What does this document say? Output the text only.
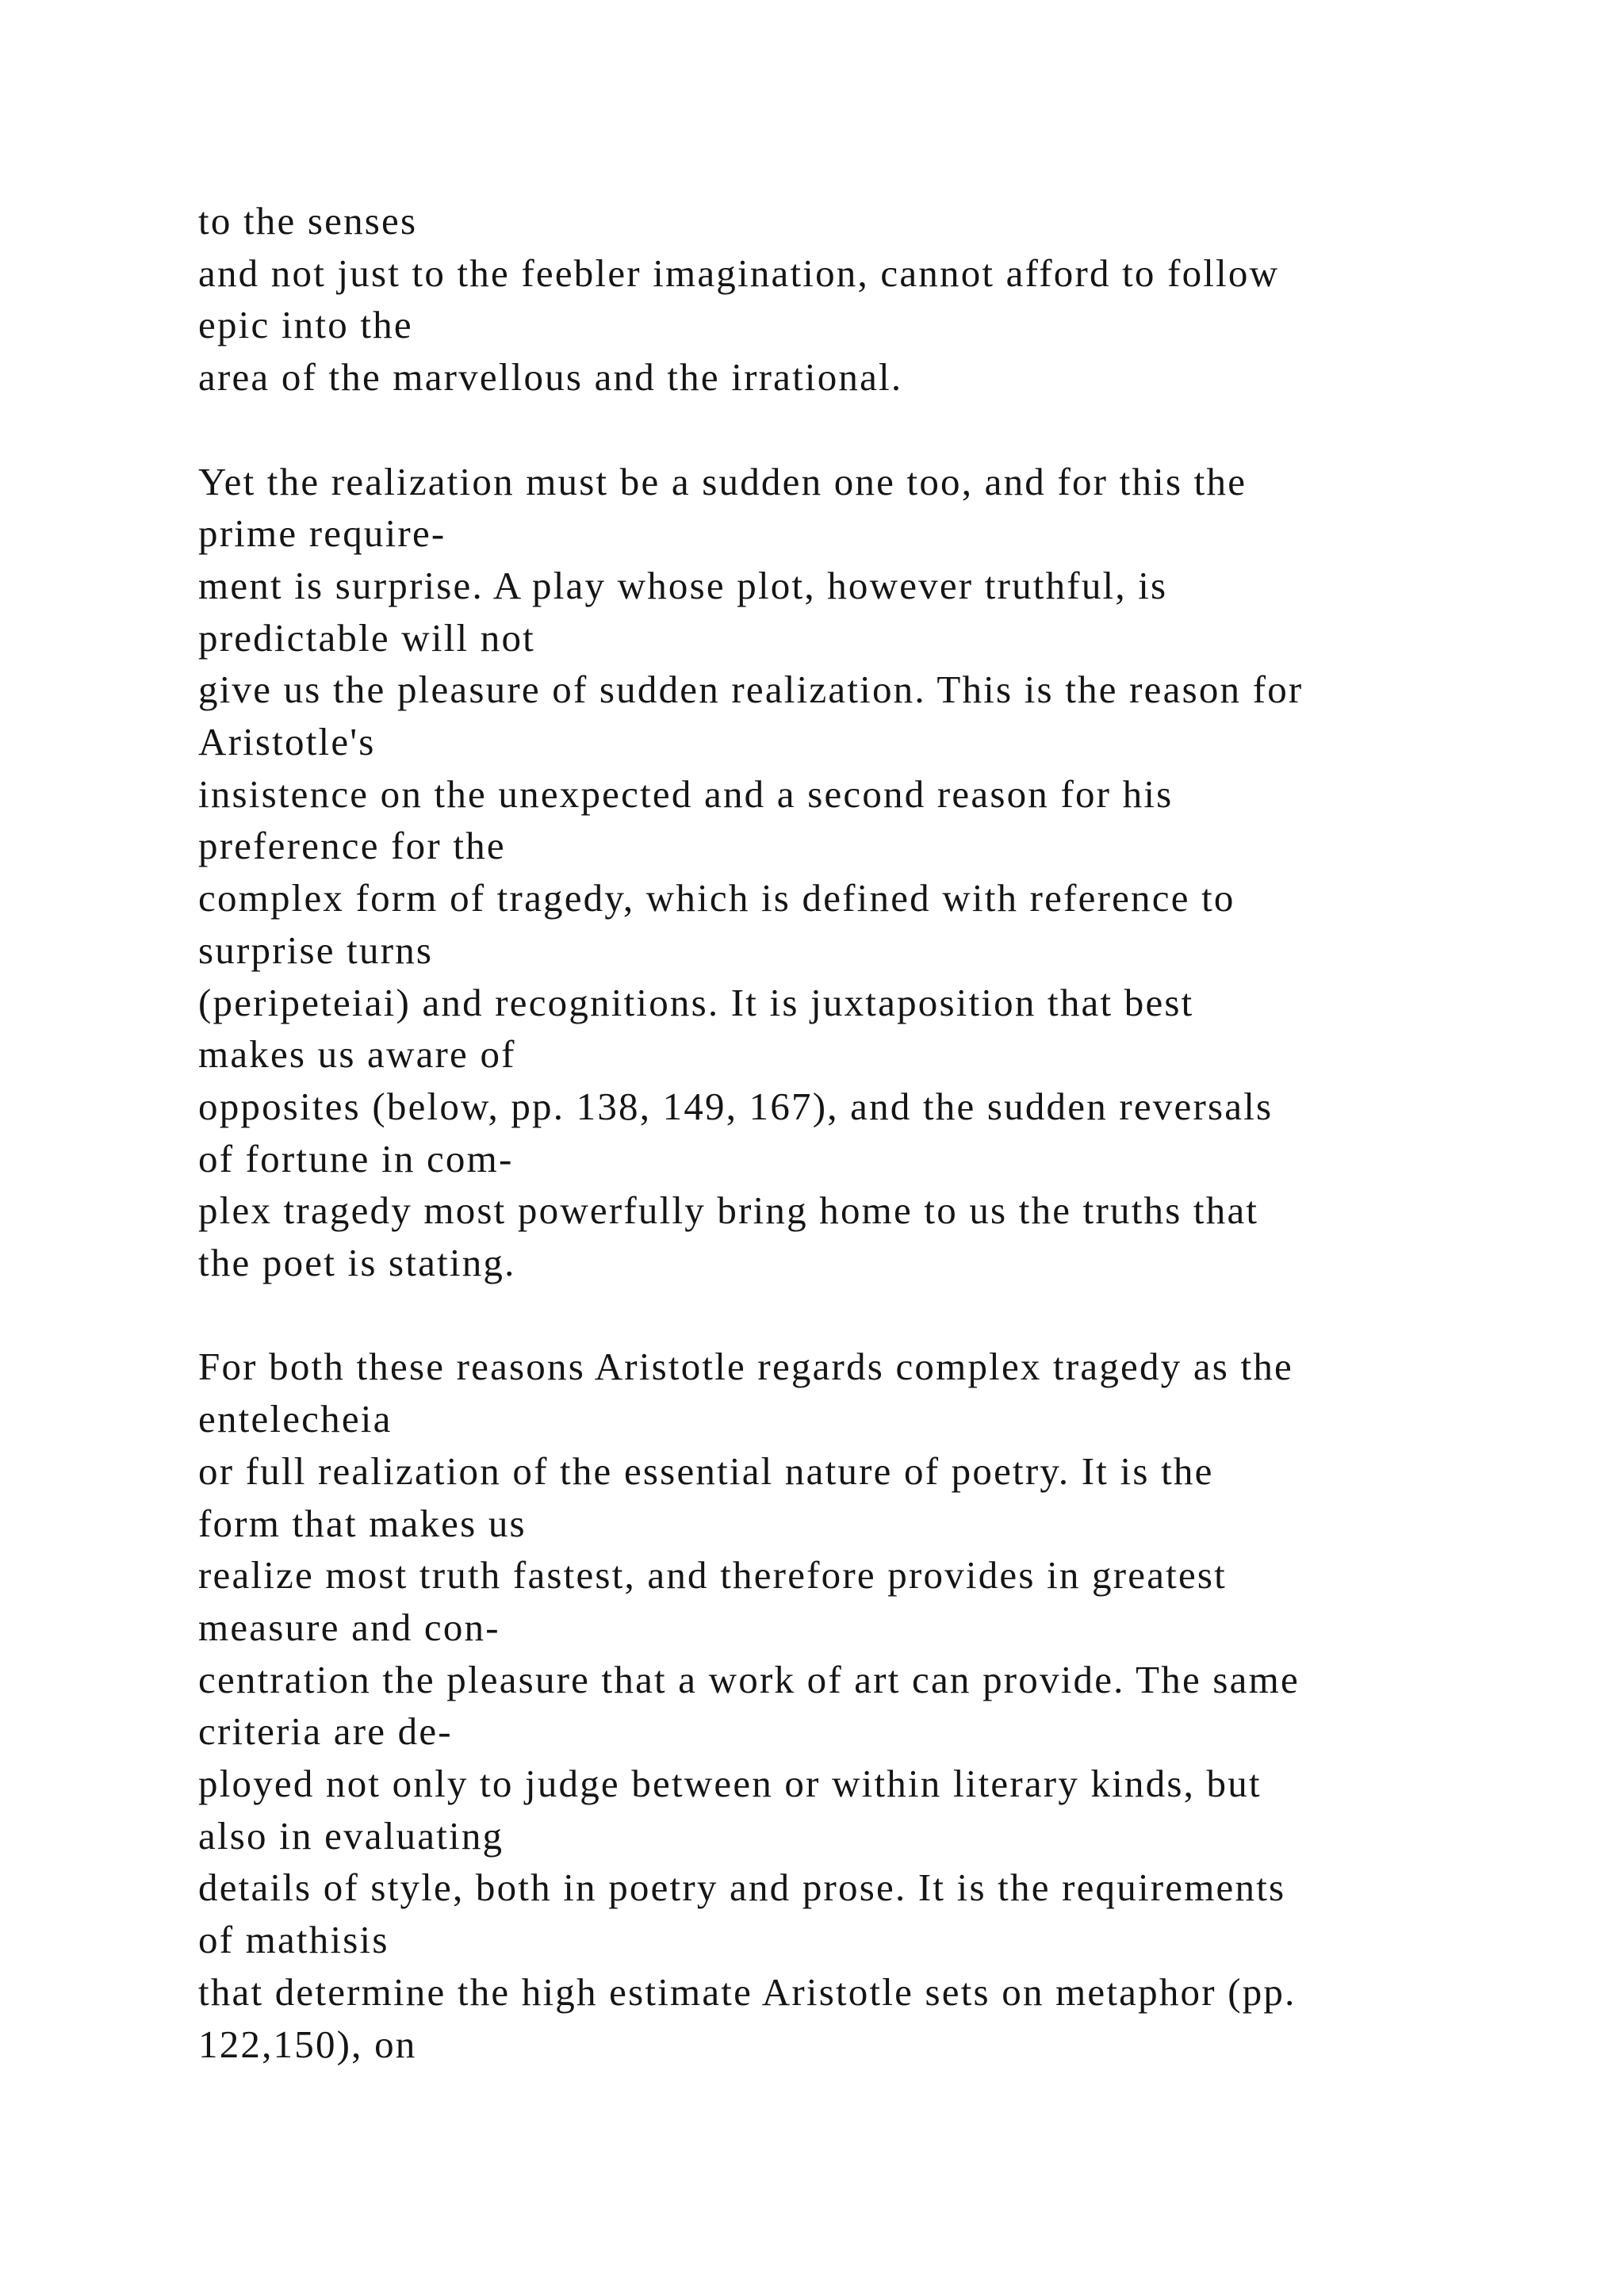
to the senses
and not just to the feebler imagination, cannot afford to follow
epic into the
area of the marvellous and the irrational.

Yet the realization must be a sudden one too, and for this the
prime require-
ment is surprise. A play whose plot, however truthful, is
predictable will not
give us the pleasure of sudden realization. This is the reason for
Aristotle's
insistence on the unexpected and a second reason for his
preference for the
complex form of tragedy, which is defined with reference to
surprise turns
(peripeteiai) and recognitions. It is juxtaposition that best
makes us aware of
opposites (below, pp. 138, 149, 167), and the sudden reversals
of fortune in com-
plex tragedy most powerfully bring home to us the truths that
the poet is stating.

For both these reasons Aristotle regards complex tragedy as the
entelecheia
or full realization of the essential nature of poetry. It is the
form that makes us
realize most truth fastest, and therefore provides in greatest
measure and con-
centration the pleasure that a work of art can provide. The same
criteria are de-
ployed not only to judge between or within literary kinds, but
also in evaluating
details of style, both in poetry and prose. It is the requirements
of mathisis
that determine the high estimate Aristotle sets on metaphor (pp.
122,150), on
